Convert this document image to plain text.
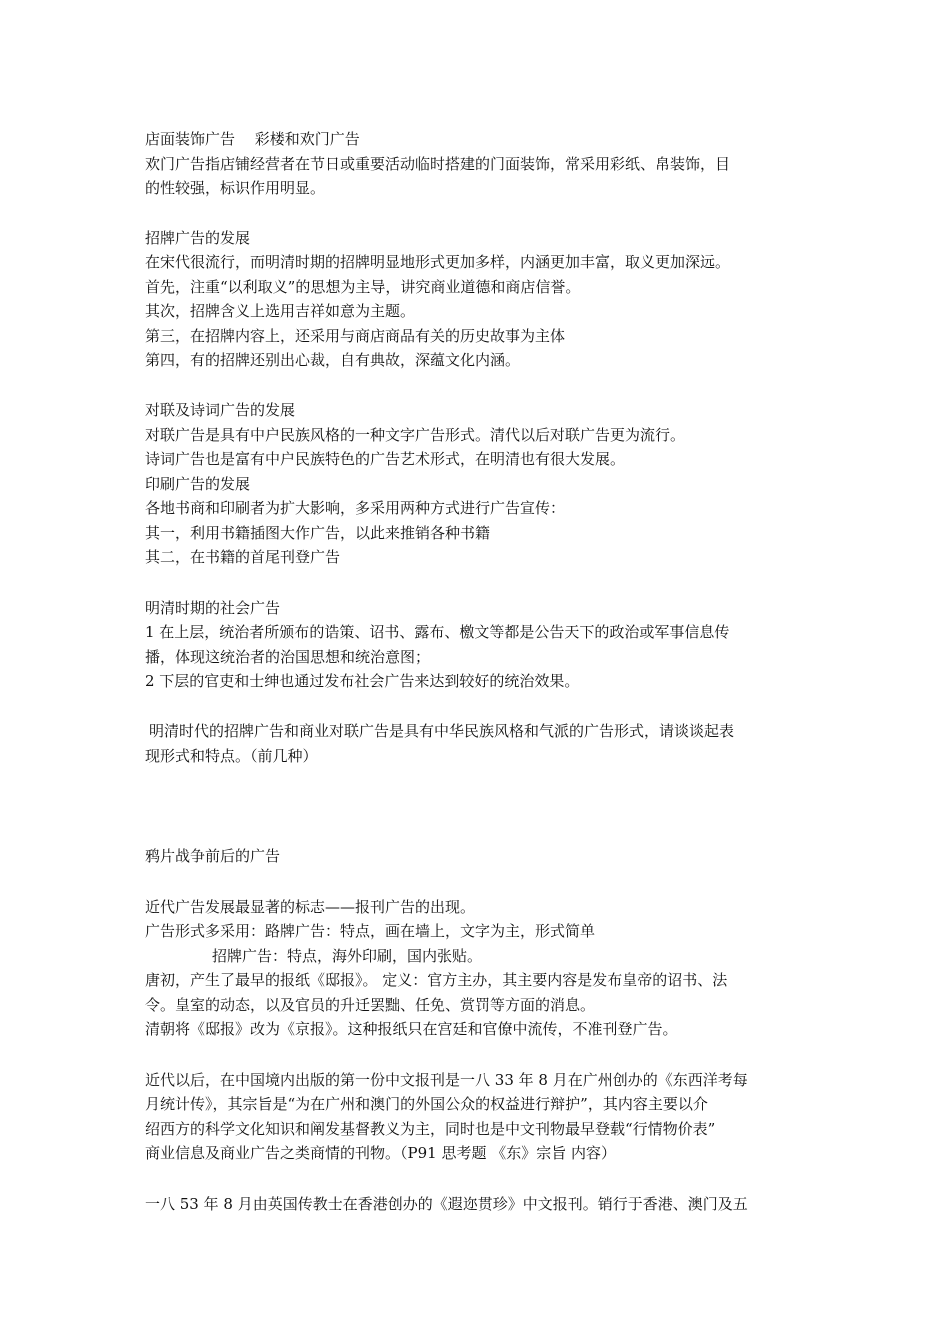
店面装饰广告　 彩楼和欢门广告
欢门广告指店铺经营者在节日或重要活动临时搭建的门面装饰，常采用彩纸、帛装饰，目
的性较强，标识作用明显。
招牌广告的发展
在宋代很流行，而明清时期的招牌明显地形式更加多样，内涵更加丰富，取义更加深远。
首先，注重“以利取义”的思想为主导，讲究商业道德和商店信誉。
其次，招牌含义上选用吉祥如意为主题。
第三，在招牌内容上，还采用与商店商品有关的历史故事为主体
第四，有的招牌还别出心裁，自有典故，深蕴文化内涵。
对联及诗词广告的发展
对联广告是具有中户民族风格的一种文字广告形式。清代以后对联广告更为流行。
诗词广告也是富有中户民族特色的广告艺术形式，在明清也有很大发展。
印刷广告的发展
各地书商和印刷者为扩大影响，多采用两种方式进行广告宣传：
其一，利用书籍插图大作广告，以此来推销各种书籍
其二，在书籍的首尾刊登广告
明清时期的社会广告
1 在上层，统治者所颁布的诰策、诏书、露布、檄文等都是公告天下的政治或军事信息传
播，体现这统治者的治国思想和统治意图；
2 下层的官吏和士绅也通过发布社会广告来达到较好的统治效果。
明清时代的招牌广告和商业对联广告是具有中华民族风格和气派的广告形式，请谈谈起表
现形式和特点。（前几种）
鸦片战争前后的广告
近代广告发展最显著的标志——报刊广告的出现。
广告形式多采用：路牌广告：特点，画在墙上，文字为主，形式简单
招牌广告：特点，海外印刷，国内张贴。
唐初，产生了最早的报纸《邸报》。 定义：官方主办，其主要内容是发布皇帝的诏书、法
令。皇室的动态，以及官员的升迁罢黜、任免、赏罚等方面的消息。
清朝将《邸报》改为《京报》。这种报纸只在宫廷和官僚中流传，不准刊登广告。
近代以后，在中国境内出版的第一份中文报刊是一八 33 年 8 月在广州创办的《东西洋考每
月统计传》，其宗旨是“为在广州和澳门的外国公众的权益进行辩护”，其内容主要以介
绍西方的科学文化知识和阐发基督教义为主，同时也是中文刊物最早登载“行情物价表”
商业信息及商业广告之类商情的刊物。（P91 思考题 《东》宗旨 内容）
一八 53 年 8 月由英国传教士在香港创办的《遐迩贯珍》中文报刊。销行于香港、澳门及五
